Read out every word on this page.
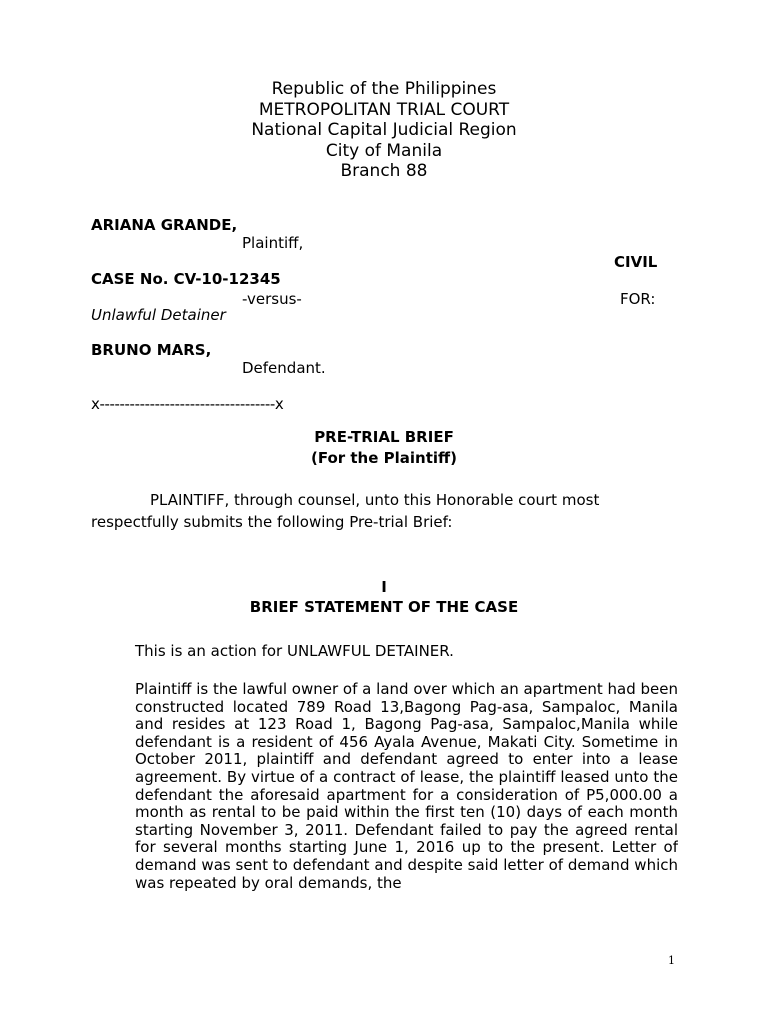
Republic of the Philippines
METROPOLITAN TRIAL COURT
National Capital Judicial Region
City of Manila
Branch 88
ARIANA GRANDE,
Plaintiff,
CIVIL
CASE No. CV-10-12345
-versus-	FOR:
Unlawful Detainer
BRUNO MARS,
Defendant.
x-----------------------------------x
PRE-TRIAL BRIEF
(For the Plaintiff)
PLAINTIFF, through counsel, unto this Honorable court most
respectfully submits the following Pre-trial Brief:
I
BRIEF STATEMENT OF THE CASE
This is an action for UNLAWFUL DETAINER.
Plaintiff is the lawful owner of a land over which an apartment had been constructed located 789 Road 13,Bagong Pag-asa, Sampaloc, Manila and resides at 123 Road 1, Bagong Pag-asa, Sampaloc,Manila while defendant is a resident of 456 Ayala Avenue, Makati City. Sometime in October 2011, plaintiff and defendant agreed to enter into a lease agreement. By virtue of a contract of lease, the plaintiff leased unto the defendant the aforesaid apartment for a consideration of P5,000.00 a month as rental to be paid within the first ten (10) days of each month starting November 3, 2011. Defendant failed to pay the agreed rental for several months starting June 1, 2016 up to the present. Letter of demand was sent to defendant and despite said letter of demand which was repeated by oral demands, the
1
